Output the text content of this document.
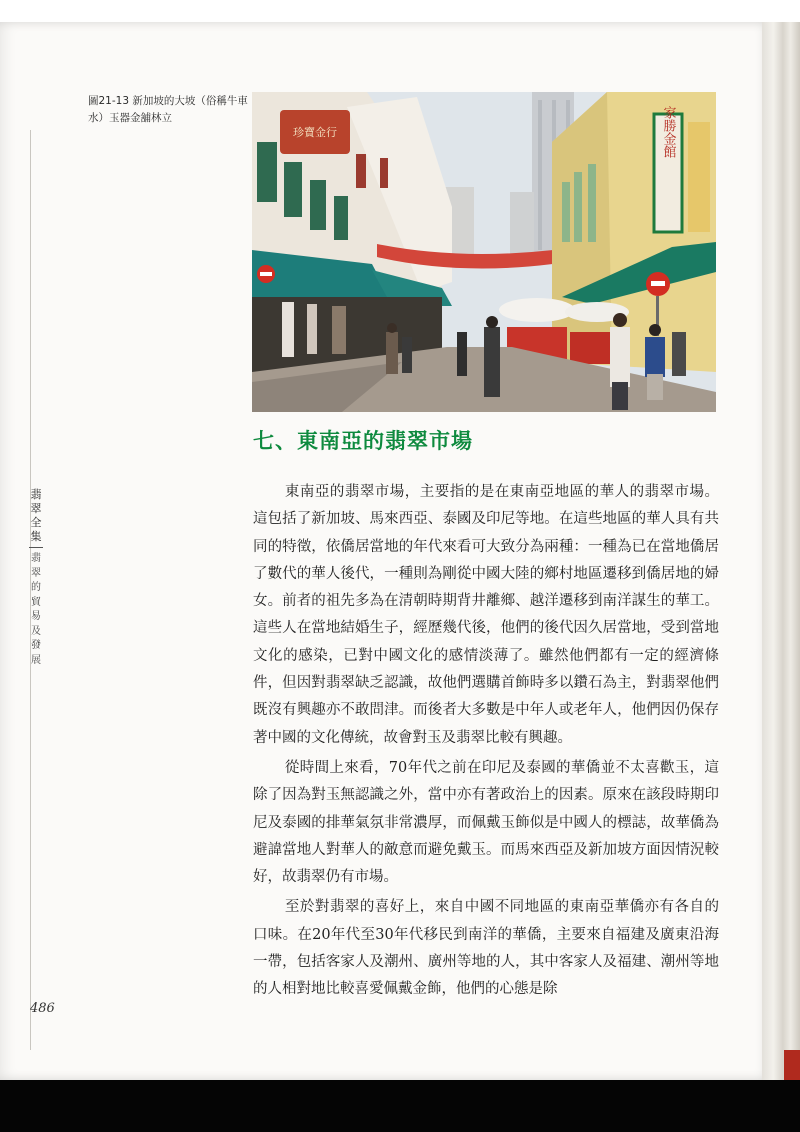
圖21-13 新加坡的大坡（俗稱牛車水）玉器金舖林立
珍寶金行	家勝金館
七、東南亞的翡翠市場

東南亞的翡翠市場，主要指的是在東南亞地區的華人的翡翠市場。這包括了新加坡、馬來西亞、泰國及印尼等地。在這些地區的華人具有共同的特徵，依僑居當地的年代來看可大致分為兩種：一種為已在當地僑居了數代的華人後代，一種則為剛從中國大陸的鄉村地區遷移到僑居地的婦女。前者的祖先多為在清朝時期背井離鄉、越洋遷移到南洋謀生的華工。這些人在當地結婚生子，經歷幾代後，他們的後代因久居當地，受到當地文化的感染，已對中國文化的感情淡薄了。雖然他們都有一定的經濟條件，但因對翡翠缺乏認識，故他們選購首飾時多以鑽石為主，對翡翠他們既沒有興趣亦不敢問津。而後者大多數是中年人或老年人，他們因仍保存著中國的文化傳統，故會對玉及翡翠比較有興趣。

從時間上來看，70年代之前在印尼及泰國的華僑並不太喜歡玉，這除了因為對玉無認識之外，當中亦有著政治上的因素。原來在該段時期印尼及泰國的排華氣氛非常濃厚，而佩戴玉飾似是中國人的標誌，故華僑為避諱當地人對華人的敵意而避免戴玉。而馬來西亞及新加坡方面因情況較好，故翡翠仍有市場。

至於對翡翠的喜好上，來自中國不同地區的東南亞華僑亦有各自的口味。在20年代至30年代移民到南洋的華僑，主要來自福建及廣東沿海一帶，包括客家人及潮州、廣州等地的人，其中客家人及福建、潮州等地的人相對地比較喜愛佩戴金飾，他們的心態是除

翡翠全集
翡翠的貿易及發展
486
